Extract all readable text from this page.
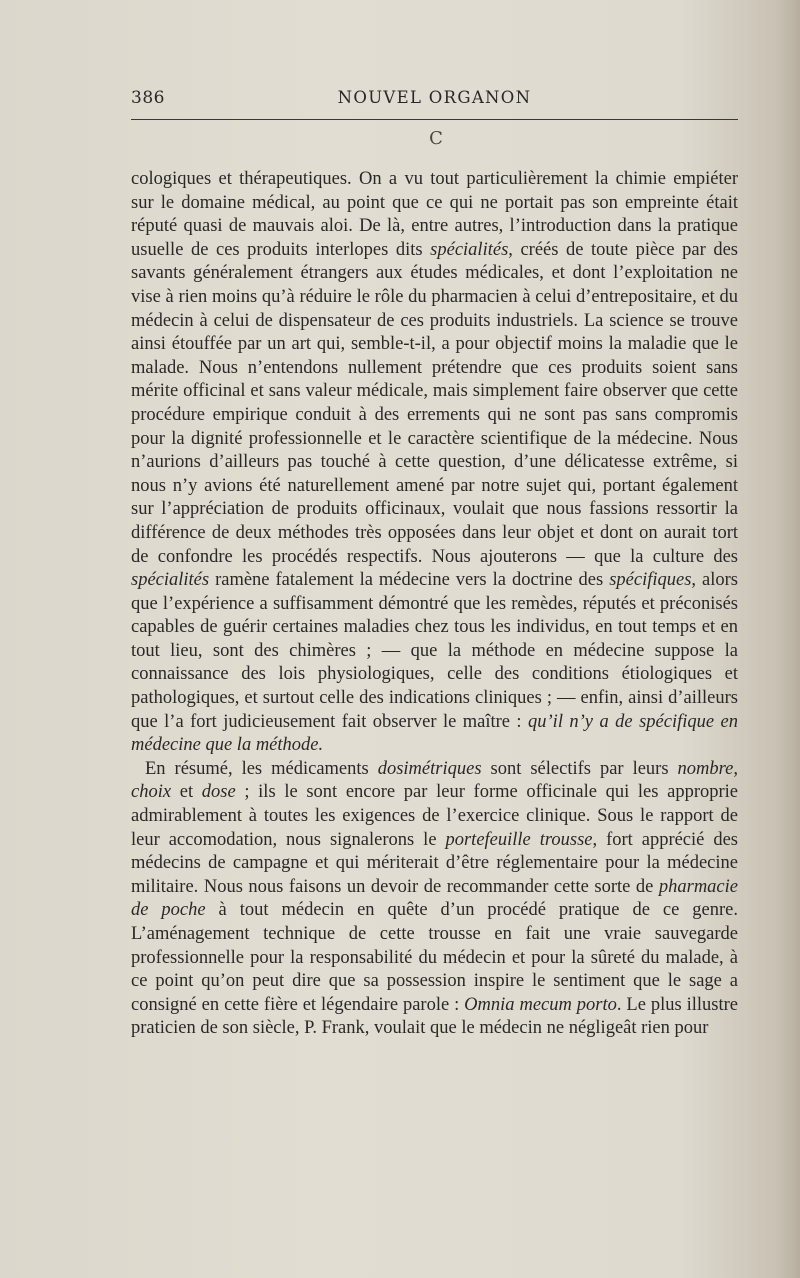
386	NOUVEL ORGANON
C

cologiques et thérapeutiques. On a vu tout particulièrement la chimie empiéter sur le domaine médical, au point que ce qui ne portait pas son empreinte était réputé quasi de mauvais aloi. De là, entre autres, l’introduction dans la pratique usuelle de ces produits interlopes dits spécialités, créés de toute pièce par des savants généralement étrangers aux études médicales, et dont l’exploitation ne vise à rien moins qu’à réduire le rôle du pharmacien à celui d’entrepositaire, et du médecin à celui de dispensateur de ces produits industriels. La science se trouve ainsi étouffée par un art qui, semble-t-il, a pour objectif moins la maladie que le malade. Nous n’entendons nullement prétendre que ces produits soient sans mérite officinal et sans valeur médicale, mais simplement faire observer que cette procédure empirique conduit à des errements qui ne sont pas sans compromis pour la dignité professionnelle et le caractère scientifique de la médecine. Nous n’aurions d’ailleurs pas touché à cette question, d’une délicatesse extrême, si nous n’y avions été naturellement amené par notre sujet qui, portant également sur l’appréciation de produits officinaux, voulait que nous fassions ressortir la différence de deux méthodes très opposées dans leur objet et dont on aurait tort de confondre les procédés respectifs. Nous ajouterons — que la culture des spécialités ramène fatalement la médecine vers la doctrine des spécifiques, alors que l’expérience a suffisamment démontré que les remèdes, réputés et préconisés capables de guérir certaines maladies chez tous les individus, en tout temps et en tout lieu, sont des chimères ; — que la méthode en médecine suppose la connaissance des lois physiologiques, celle des conditions étiologiques et pathologiques, et surtout celle des indications cliniques ; — enfin, ainsi d’ailleurs que l’a fort judicieusement fait observer le maître : qu’il n’y a de spécifique en médecine que la méthode.

En résumé, les médicaments dosimétriques sont sélectifs par leurs nombre, choix et dose ; ils le sont encore par leur forme officinale qui les approprie admirablement à toutes les exigences de l’exercice clinique. Sous le rapport de leur accomodation, nous signalerons le portefeuille trousse, fort apprécié des médecins de campagne et qui mériterait d’être réglementaire pour la médecine militaire. Nous nous faisons un devoir de recommander cette sorte de pharmacie de poche à tout médecin en quête d’un procédé pratique de ce genre. L’aménagement technique de cette trousse en fait une vraie sauvegarde professionnelle pour la responsabilité du médecin et pour la sûreté du malade, à ce point qu’on peut dire que sa possession inspire le sentiment que le sage a consigné en cette fière et légendaire parole : Omnia mecum porto. Le plus illustre praticien de son siècle, P. Frank, voulait que le médecin ne négligeât rien pour
